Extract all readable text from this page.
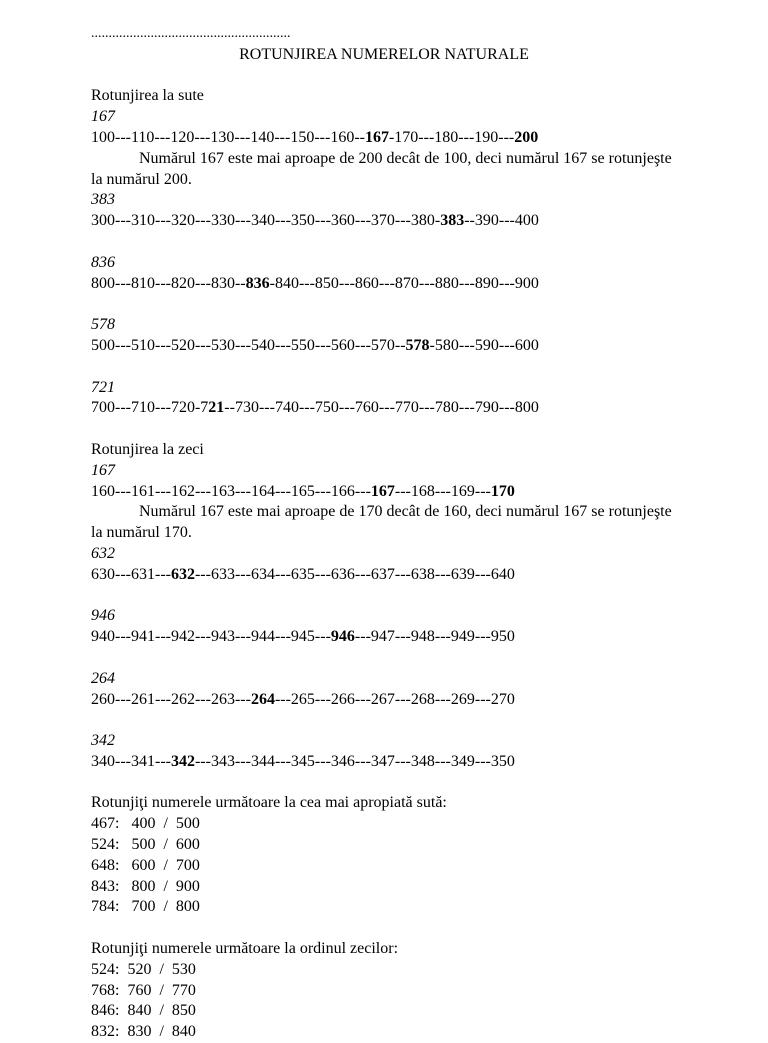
.........................................................
ROTUNJIREA NUMERELOR NATURALE
Rotunjirea la sute
167
100---110---120---130---140---150---160--167-170---180---190---200
Numărul 167 este mai aproape de 200 decât de 100, deci numărul 167 se rotunjeşte la numărul 200.
383
300---310---320---330---340---350---360---370---380-383--390---400
836
800---810---820---830--836-840---850---860---870---880---890---900
578
500---510---520---530---540---550---560---570--578-580---590---600
721
700---710---720-721--730---740---750---760---770---780---790---800
Rotunjirea la zeci
167
160---161---162---163---164---165---166---167---168---169---170
Numărul 167 este mai aproape de 170 decât de 160, deci numărul 167 se rotunjeşte la numărul 170.
632
630---631---632---633---634---635---636---637---638---639---640
946
940---941---942---943---944---945---946---947---948---949---950
264
260---261---262---263---264---265---266---267---268---269---270
342
340---341---342---343---344---345---346---347---348---349---350
Rotunjiţi numerele următoare la cea mai apropiată sută:
467:   400  /  500
524:   500  /  600
648:   600  /  700
843:   800  /  900
784:   700  /  800
Rotunjiţi numerele următoare la ordinul zecilor:
524:  520  /  530
768:  760  /  770
846:  840  /  850
832:  830  /  840
